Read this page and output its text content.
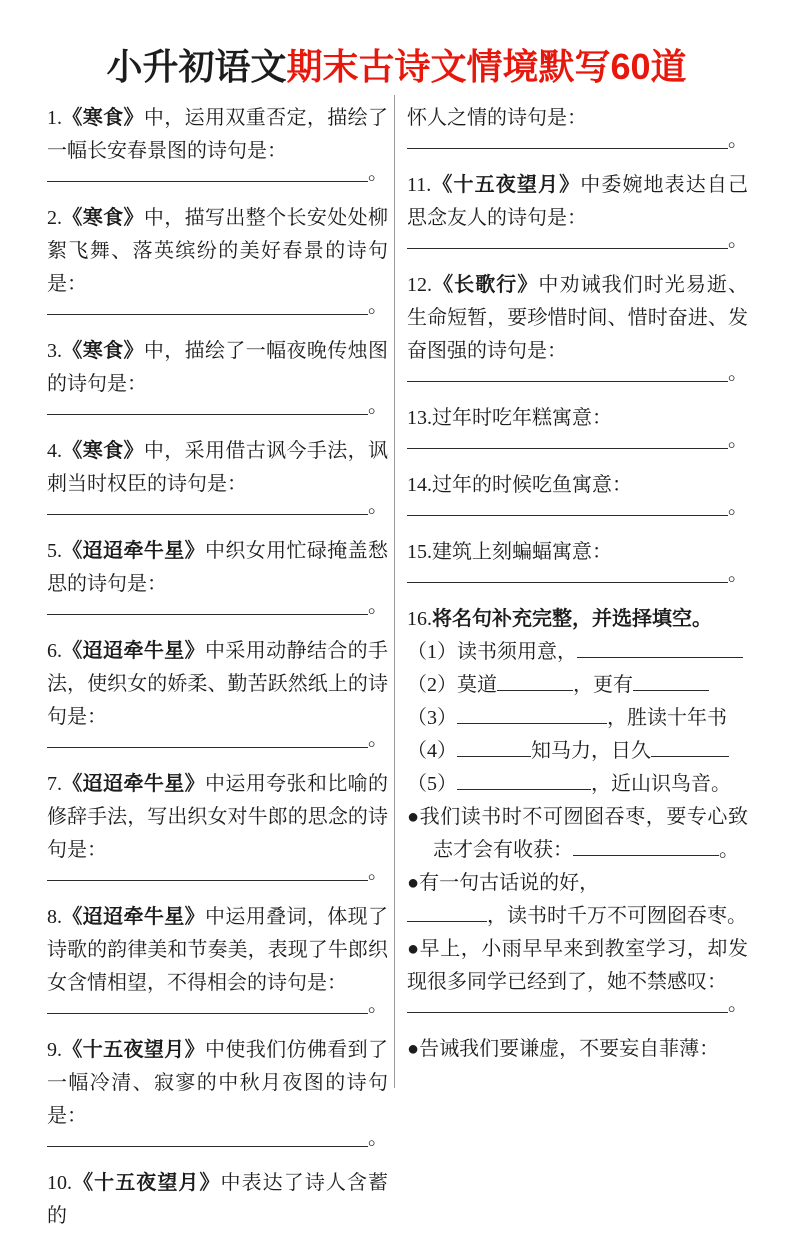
小升初语文期末古诗文情境默写60道

1.《寒食》中，运用双重否定，描绘了一幅长安春景图的诗句是：

。

2.《寒食》中，描写出整个长安处处柳絮飞舞、落英缤纷的美好春景的诗句是：

。

3.《寒食》中，描绘了一幅夜晚传烛图的诗句是：

。

4.《寒食》中，采用借古讽今手法，讽刺当时权臣的诗句是：

。

5.《迢迢牵牛星》中织女用忙碌掩盖愁思的诗句是：

。

6.《迢迢牵牛星》中采用动静结合的手法，使织女的娇柔、勤苦跃然纸上的诗句是：

。

7.《迢迢牵牛星》中运用夸张和比喻的修辞手法，写出织女对牛郎的思念的诗句是：

。

8.《迢迢牵牛星》中运用叠词，体现了诗歌的韵律美和节奏美，表现了牛郎织女含情相望，不得相会的诗句是：

。

9.《十五夜望月》中使我们仿佛看到了一幅冷清、寂寥的中秋月夜图的诗句是：

。

10.《十五夜望月》中表达了诗人含蓄的

怀人之情的诗句是：

。

11.《十五夜望月》中委婉地表达自己思念友人的诗句是：

。

12.《长歌行》中劝诫我们时光易逝、生命短暂，要珍惜时间、惜时奋进、发奋图强的诗句是：

。

13.过年时吃年糕寓意：

。

14.过年的时候吃鱼寓意：

。

15.建筑上刻蝙蝠寓意：

。

16.将名句补充完整，并选择填空。

（1）读书须用意，

（2）莫道	，更有

（3）	，胜读十年书

（4）	知马力，日久

（5）	，近山识鸟音。

●我们读书时不可囫囵吞枣，要专心致志才会有收获：	。

●有一句古话说的好，

，读书时千万不可囫囵吞枣。

●早上，小雨早早来到教室学习，却发现很多同学已经到了，她不禁感叹：

。

●告诫我们要谦虚，不要妄自菲薄：
